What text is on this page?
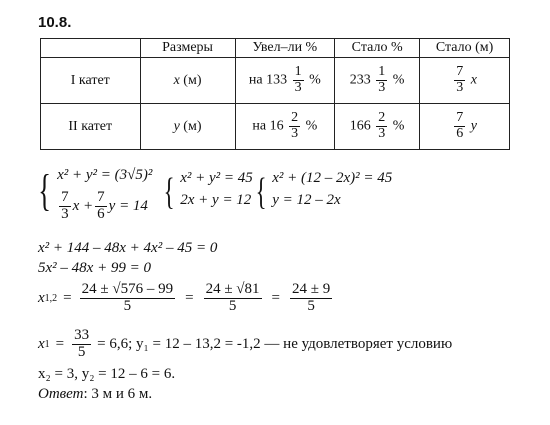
10.8.
	Размеры	Увел–ли %	Стало %	Стало (м)
I катет	x (м)	на $133 \frac{1}{3}$ %	$233 \frac{1}{3}$ %	$\frac{7}{3}$ x
II катет	y (м)	на $16 \frac{2}{3}$ %	$166 \frac{2}{3}$ %	$\frac{7}{6}$ y
{ x² + y² = (3√5)²
$\frac{7}{3}$ $x + \frac{7}{6}$ y = 14 { x² + y² = 45
2x + y = 12 { x² + (12 – 2x)² = 45
y = 12 – 2x
x² + 144 – 48x + 4x² – 45 = 0
5x² – 48x + 99 = 0
x $1,2 = \frac{24 \pm √576 - 99}{5} = \frac{24 \pm √81}{5} = \frac{24 \pm 9}{5}$
x $1 = \frac{33}{5} = 6,6$; y₁ = 12 – 13,2 = -1,2 — не удовлетворяет условию
x₂ = 3, y₂ = 12 – 6 = 6.
Ответ: 3 м и 6 м.
